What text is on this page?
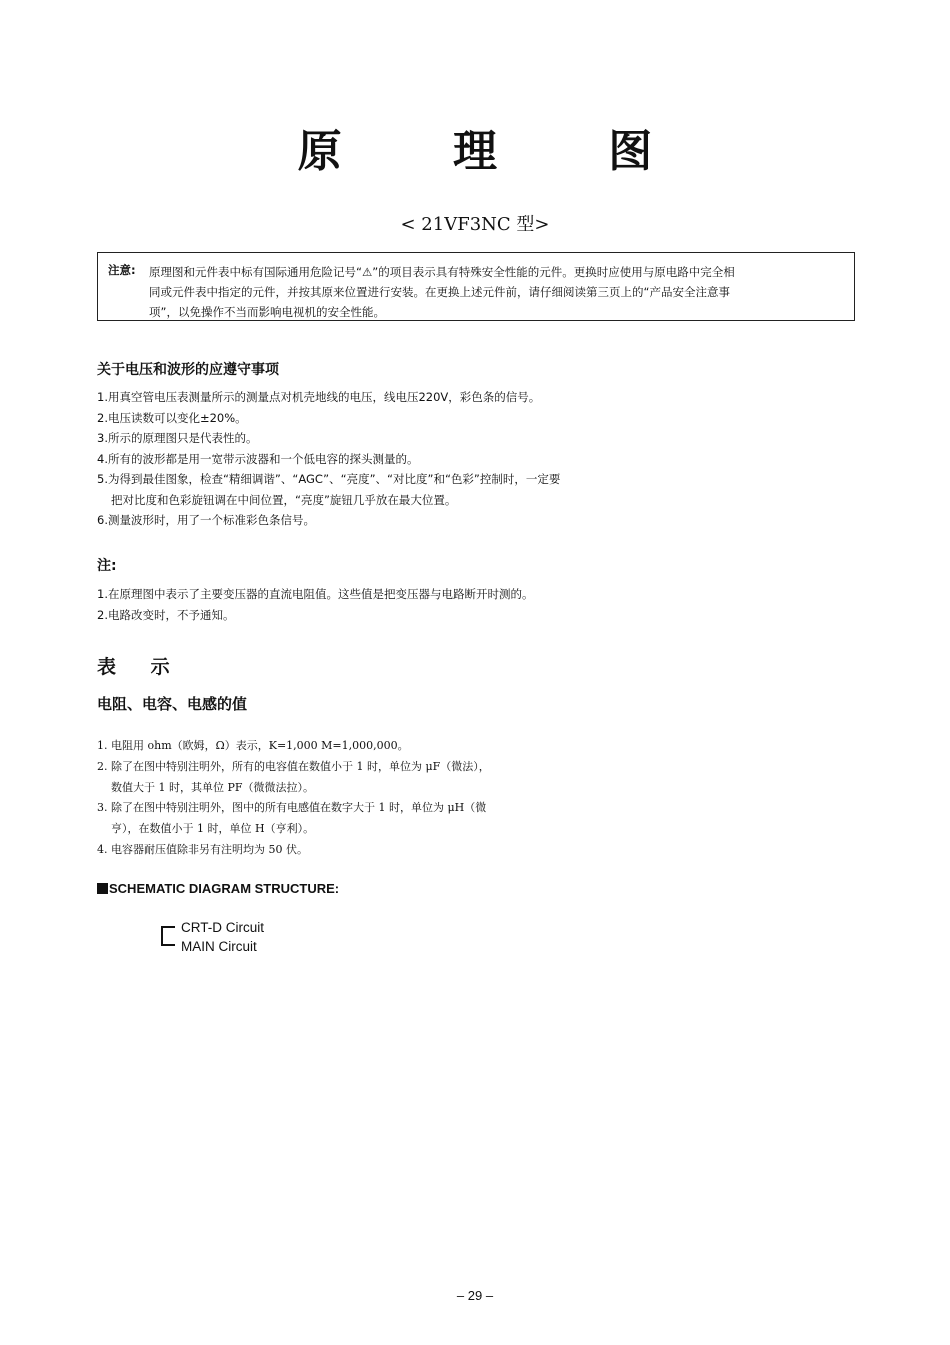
原 理 图
< 21VF3NC 型>
注意: 原理图和元件表中标有国际通用危险记号“⚠”的项目表示具有特殊安全性能的元件。更换时应使用与原电路中完全相
同或元件表中指定的元件，并按其原来位置进行安装。在更换上述元件前，请仔细阅读第三页上的“产品安全注意事
项”，以免操作不当而影响电视机的安全性能。
关于电压和波形的应遵守事项
1.用真空管电压表测量所示的测量点对机壳地线的电压，线电压220V，彩色条的信号。
2.电压读数可以变化±20%。
3.所示的原理图只是代表性的。
4.所有的波形都是用一宽带示波器和一个低电容的探头测量的。
5.为得到最佳图象，检查“精细调谐”、“AGC”、“亮度”、“对比度”和“色彩”控制时，一定要
把对比度和色彩旋钮调在中间位置，“亮度”旋钮几乎放在最大位置。
6.测量波形时，用了一个标准彩色条信号。
注:
1.在原理图中表示了主要变压器的直流电阻值。这些值是把变压器与电路断开时测的。
2.电路改变时，不予通知。
表 示
电阻、电容、电感的值
1. 电阻用 ohm（欧姆，Ω）表示，K=1,000 M=1,000,000。
2. 除了在图中特别注明外，所有的电容值在数值小于 1 时，单位为 μF（微法），
数值大于 1 时，其单位 PF（微微法拉）。
3. 除了在图中特别注明外，图中的所有电感值在数字大于 1 时，单位为 μH（微
亨），在数值小于 1 时，单位 H（亨利）。
4. 电容器耐压值除非另有注明均为 50 伏。
SCHEMATIC DIAGRAM STRUCTURE:
CRT-D Circuit
MAIN Circuit
– 29 –
